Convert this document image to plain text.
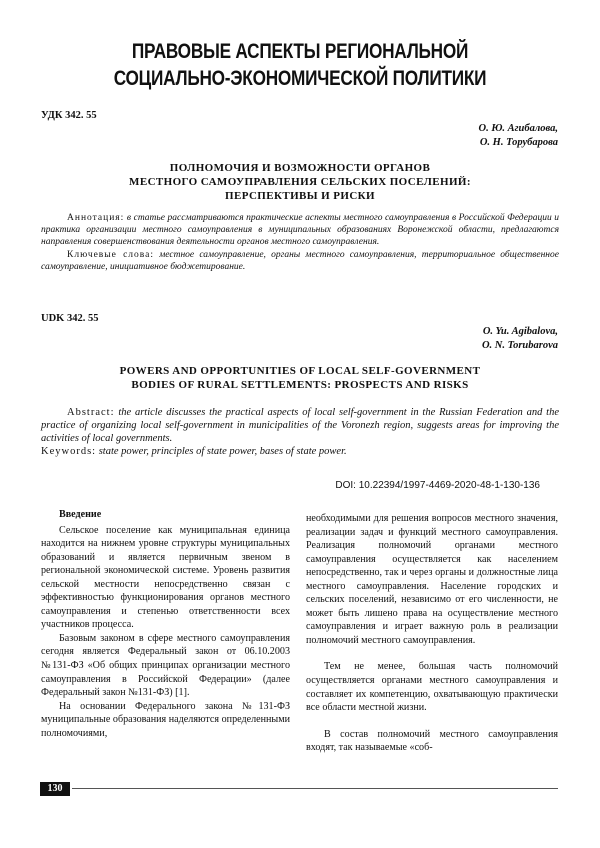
ПРАВОВЫЕ АСПЕКТЫ РЕГИОНАЛЬНОЙ
СОЦИАЛЬНО-ЭКОНОМИЧЕСКОЙ ПОЛИТИКИ
УДК 342. 55
О. Ю. Агибалова,
О. Н. Торубарова
ПОЛНОМОЧИЯ И ВОЗМОЖНОСТИ ОРГАНОВ
МЕСТНОГО САМОУПРАВЛЕНИЯ СЕЛЬСКИХ ПОСЕЛЕНИЙ:
ПЕРСПЕКТИВЫ И РИСКИ

Аннотация: в статье рассматриваются практические аспекты местного самоуправления в Российской Федерации и практика организации местного самоуправления в муниципальных образованиях Воронежской области, предлагаются направления совершенствования деятельности органов местного самоуправления.

Ключевые слова: местное самоуправление, органы местного самоуправления, территориальное общественное самоуправление, инициативное бюджетирование.

UDK 342. 55
O. Yu. Agibalova,
O. N. Torubarova
POWERS AND OPPORTUNITIES OF LOCAL SELF-GOVERNMENT
BODIES OF RURAL SETTLEMENTS: PROSPECTS AND RISKS

Abstract: the article discusses the practical aspects of local self-government in the Russian Federation and the practice of organizing local self-government in municipalities of the Voronezh region, suggests areas for improving the activities of local governments.

Keywords: state power, principles of state power, bases of state power.

DOI: 10.22394/1997-4469-2020-48-1-130-136
Введение

Сельское поселение как муниципальная единица находится на нижнем уровне структуры муниципальных образований и является первичным звеном в региональной экономической системе. Уровень развития сельской местности непосредственно связан с эффективностью функционирования органов местного самоуправления и степенью ответственности всех участников процесса.

Базовым законом в сфере местного самоуправления сегодня является Федеральный закон от 06.10.2003 №131-ФЗ «Об общих принципах организации местного самоуправления в Российской Федерации» (далее Федеральный закон №131-ФЗ) [1].

На основании Федерального закона №131-ФЗ муниципальные образования наделяются определенными полномочиями,

необходимыми для решения вопросов местного значения, реализации задач и функций местного самоуправления. Реализация полномочий органами местного самоуправления осуществляется как населением непосредственно, так и через органы и должностные лица местного самоуправления. Население городских и сельских поселений, независимо от его численности, не может быть лишено права на осуществление местного самоуправления и играет важную роль в реализации полномочий местного самоуправления.

Тем не менее, большая часть полномочий осуществляется органами местного самоуправления и составляет их компетенцию, охватывающую практически все области местной жизни.

В состав полномочий местного самоуправления входят, так называемые «соб-

130
